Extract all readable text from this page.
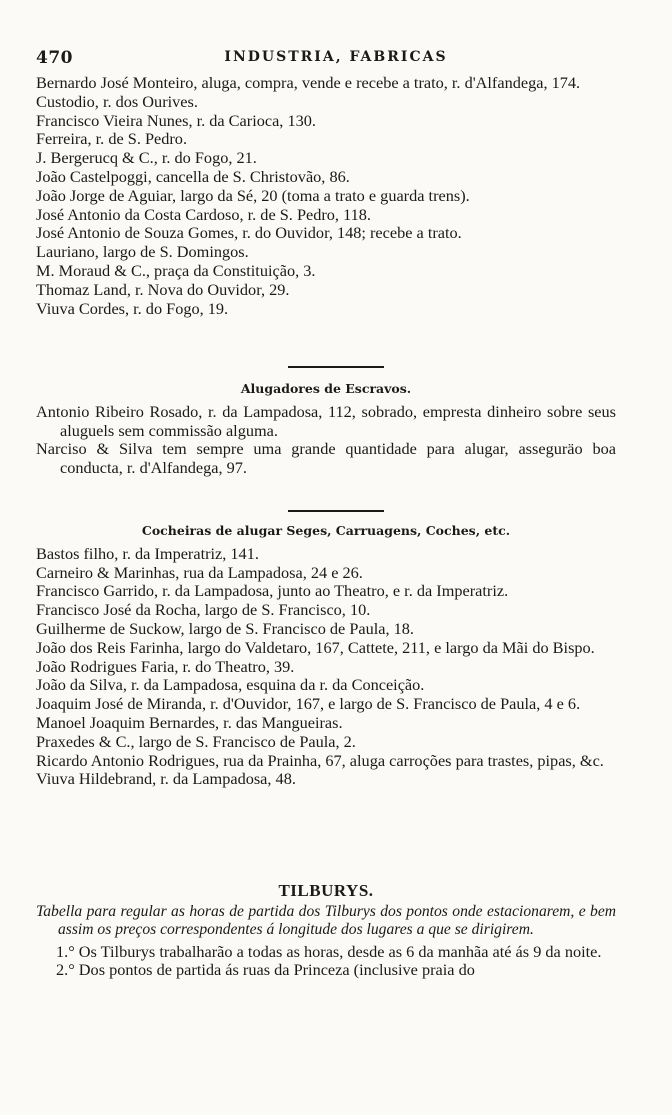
470	INDUSTRIA, FABRICAS

Bernardo José Monteiro, aluga, compra, vende e recebe a trato, r. d'Alfandega, 174.

Custodio, r. dos Ourives.

Francisco Vieira Nunes, r. da Carioca, 130.

Ferreira, r. de S. Pedro.

J. Bergerucq & C., r. do Fogo, 21.

João Castelpoggi, cancella de S. Christovão, 86.

João Jorge de Aguiar, largo da Sé, 20 (toma a trato e guarda trens).

José Antonio da Costa Cardoso, r. de S. Pedro, 118.

José Antonio de Souza Gomes, r. do Ouvidor, 148; recebe a trato.

Lauriano, largo de S. Domingos.

M. Moraud & C., praça da Constituição, 3.

Thomaz Land, r. Nova do Ouvidor, 29.

Viuva Cordes, r. do Fogo, 19.

Alugadores de Escravos.

Antonio Ribeiro Rosado, r. da Lampadosa, 112, sobrado, empresta dinheiro sobre seus aluguels sem commissão alguma.

Narciso & Silva tem sempre uma grande quantidade para alugar, asseguräo boa conducta, r. d'Alfandega, 97.

Cocheiras de alugar Seges, Carruagens, Coches, etc.

Bastos filho, r. da Imperatriz, 141.

Carneiro & Marinhas, rua da Lampadosa, 24 e 26.

Francisco Garrido, r. da Lampadosa, junto ao Theatro, e r. da Imperatriz.

Francisco José da Rocha, largo de S. Francisco, 10.

Guilherme de Suckow, largo de S. Francisco de Paula, 18.

João dos Reis Farinha, largo do Valdetaro, 167, Cattete, 211, e largo da Mãi do Bispo.

João Rodrigues Faria, r. do Theatro, 39.

João da Silva, r. da Lampadosa, esquina da r. da Conceição.

Joaquim José de Miranda, r. d'Ouvidor, 167, e largo de S. Francisco de Paula, 4 e 6.

Manoel Joaquim Bernardes, r. das Mangueiras.

Praxedes & C., largo de S. Francisco de Paula, 2.

Ricardo Antonio Rodrigues, rua da Prainha, 67, aluga carroções para trastes, pipas, &c.

Viuva Hildebrand, r. da Lampadosa, 48.

TILBURYS.

Tabella para regular as horas de partida dos Tilburys dos pontos onde estacionarem, e bem assim os preços correspondentes á longitude dos lugares a que se dirigirem.

1.° Os Tilburys trabalharão a todas as horas, desde as 6 da manhãa até ás 9 da noite.

2.° Dos pontos de partida ás ruas da Princeza (inclusive praia do
